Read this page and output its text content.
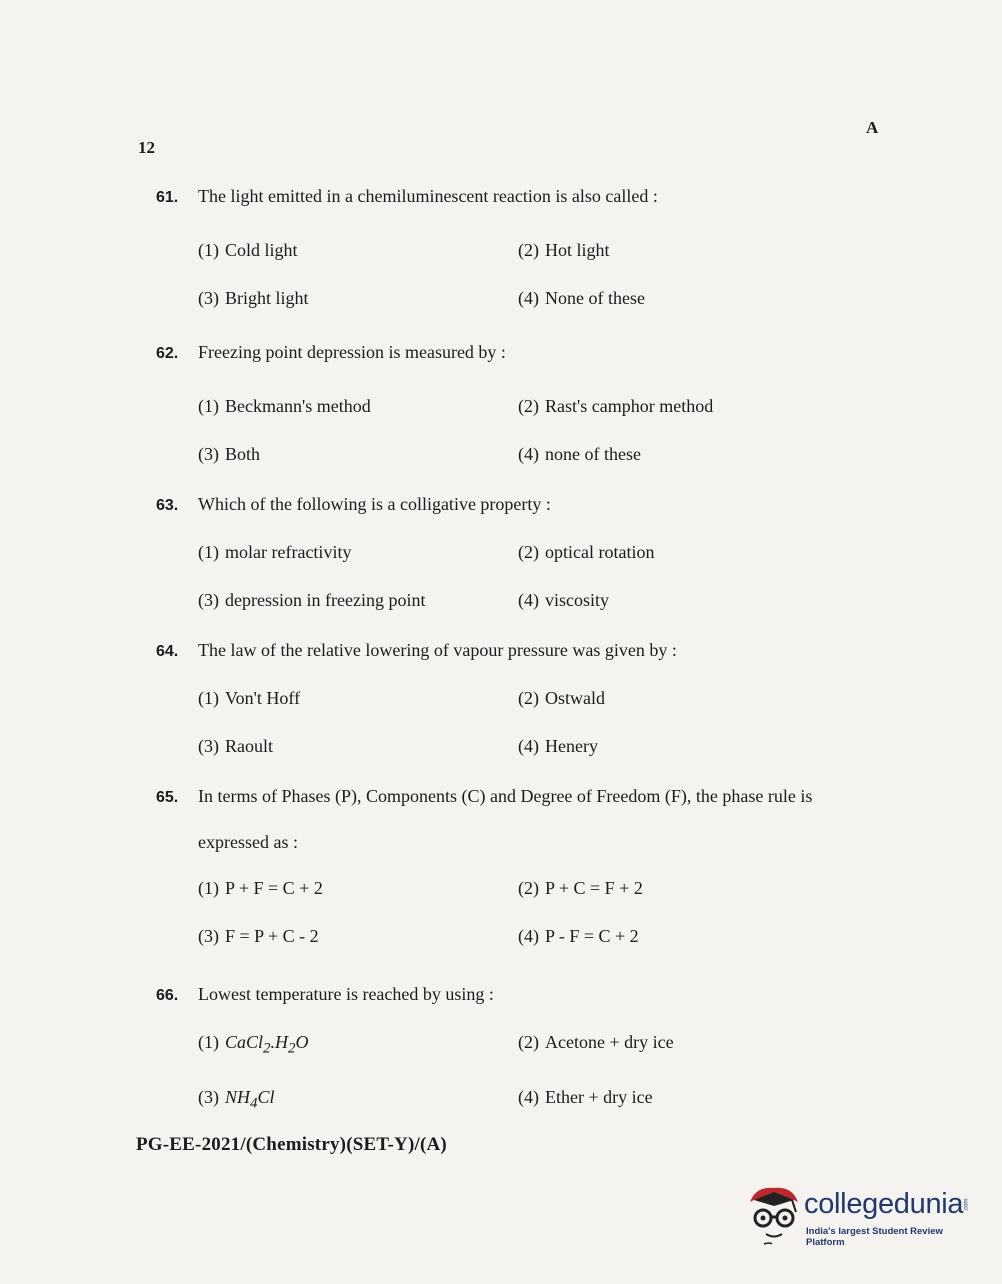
12
A
61.	The light emitted in a chemiluminescent reaction is also called :
(1) Cold light	(2) Hot light
(3) Bright light	(4) None of these
62.	Freezing point depression is measured by :
(1) Beckmann's method	(2) Rast's camphor method
(3) Both	(4) none of these
63.	Which of the following is a colligative property :
(1) molar refractivity	(2) optical rotation
(3) depression in freezing point	(4) viscosity
64.	The law of the relative lowering of vapour pressure was given by :
(1) Von't Hoff	(2) Ostwald
(3) Raoult	(4) Henery
65.	In terms of Phases (P), Components (C) and Degree of Freedom (F), the phase rule is
expressed as :
(1) P + F = C + 2	(2) P + C = F + 2
(3) F = P + C - 2	(4) P - F = C + 2
66.	Lowest temperature is reached by using :
(1) $CaCl_2.H_2O$	(2) Acetone + dry ice
(3) $NH_4Cl$	(4) Ether + dry ice
PG-EE-2021/(Chemistry)(SET-Y)/(A)
collegedunia .com
India's largest Student Review Platform
